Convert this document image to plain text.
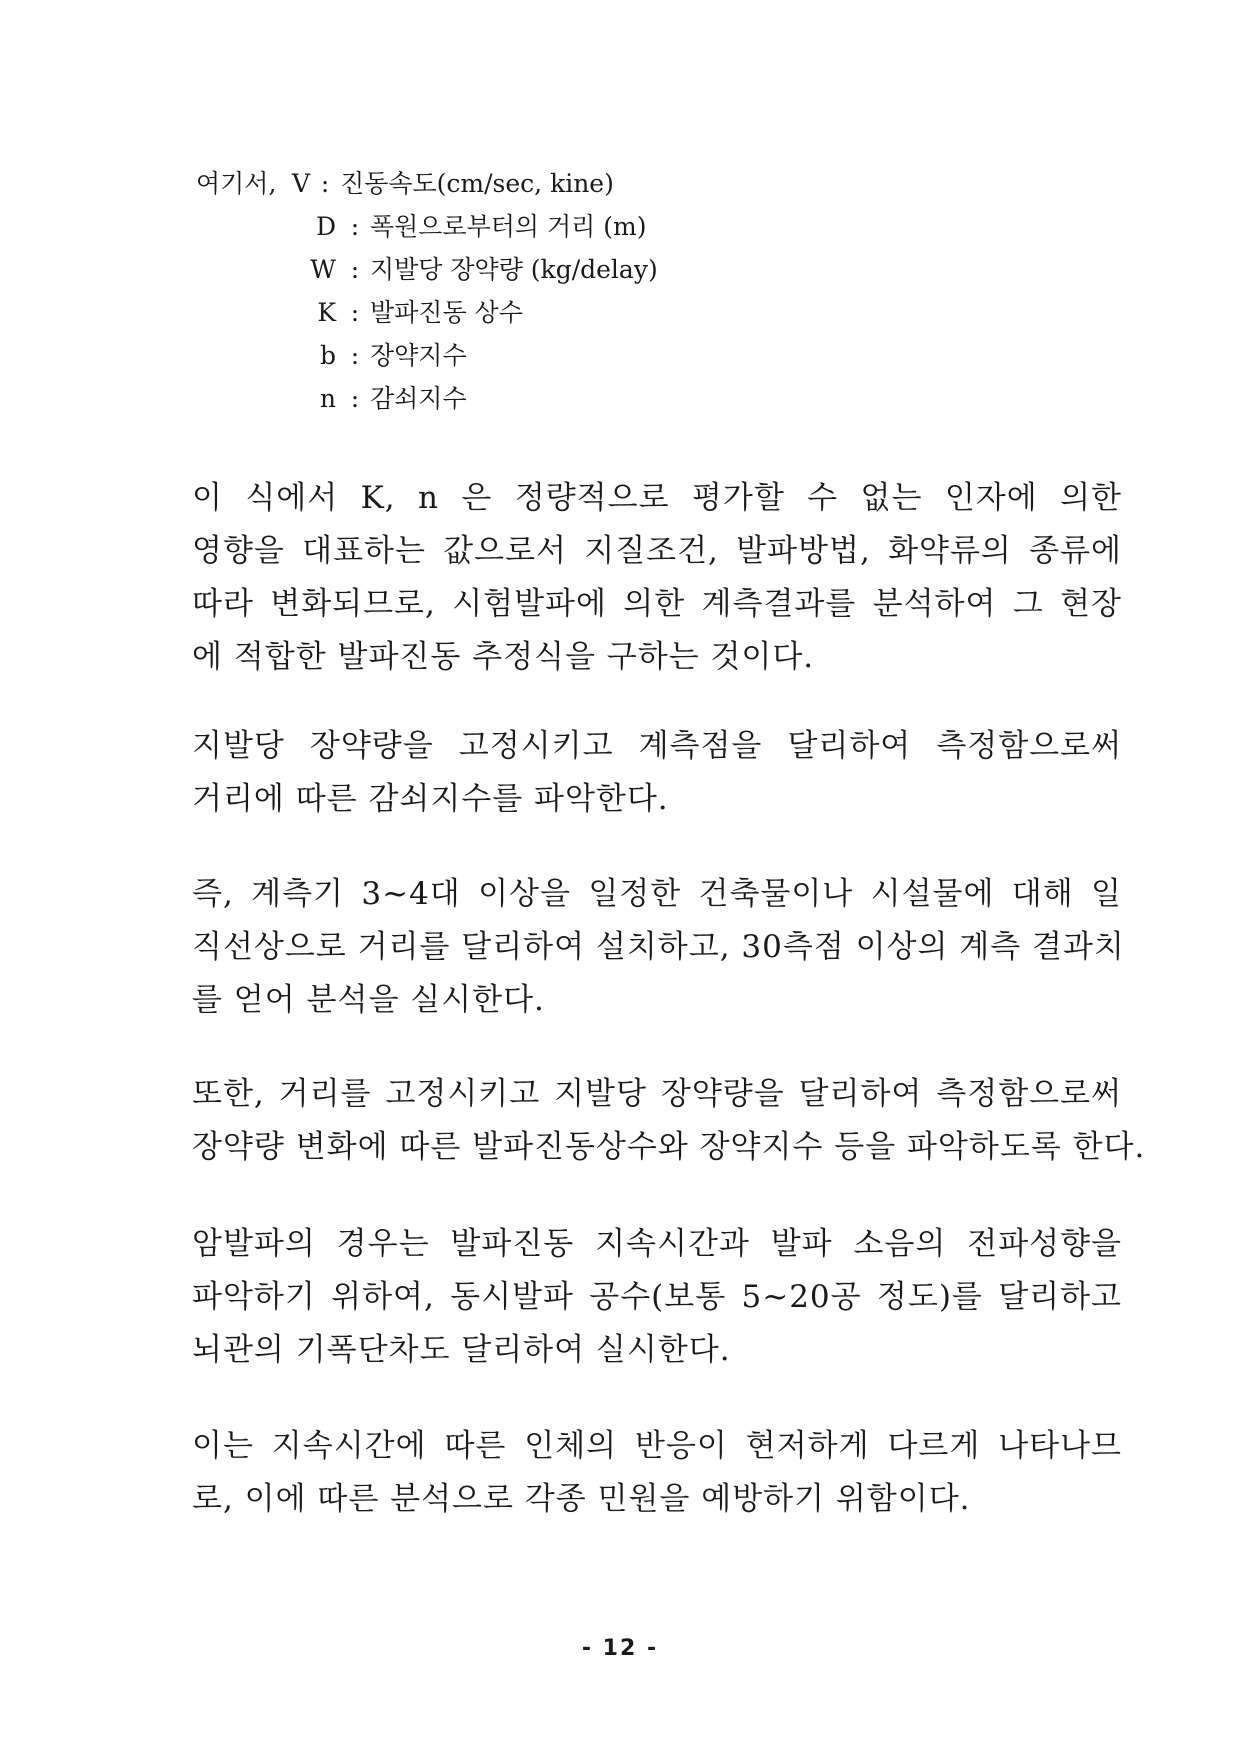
여기서, V : 진동속도(cm/sec, kine)
D : 폭원으로부터의 거리 (m)
W : 지발당 장약량 (kg/delay)
K : 발파진동 상수
b : 장약지수
n : 감쇠지수
이 식에서 K, n 은 정량적으로 평가할 수 없는 인자에 의한
영향을 대표하는 값으로서 지질조건, 발파방법, 화약류의 종류에
따라 변화되므로, 시험발파에 의한 계측결과를 분석하여 그 현장
에 적합한 발파진동 추정식을 구하는 것이다.
지발당 장약량을 고정시키고 계측점을 달리하여 측정함으로써
거리에 따른 감쇠지수를 파악한다.
즉, 계측기 3~4대 이상을 일정한 건축물이나 시설물에 대해 일
직선상으로 거리를 달리하여 설치하고, 30측점 이상의 계측 결과치
를 얻어 분석을 실시한다.
또한, 거리를 고정시키고 지발당 장약량을 달리하여 측정함으로써
장약량 변화에 따른 발파진동상수와 장약지수 등을 파악하도록 한다.
암발파의 경우는 발파진동 지속시간과 발파 소음의 전파성향을
파악하기 위하여, 동시발파 공수(보통 5~20공 정도)를 달리하고
뇌관의 기폭단차도 달리하여 실시한다.
이는 지속시간에 따른 인체의 반응이 현저하게 다르게 나타나므
로, 이에 따른 분석으로 각종 민원을 예방하기 위함이다.
- 12 -
